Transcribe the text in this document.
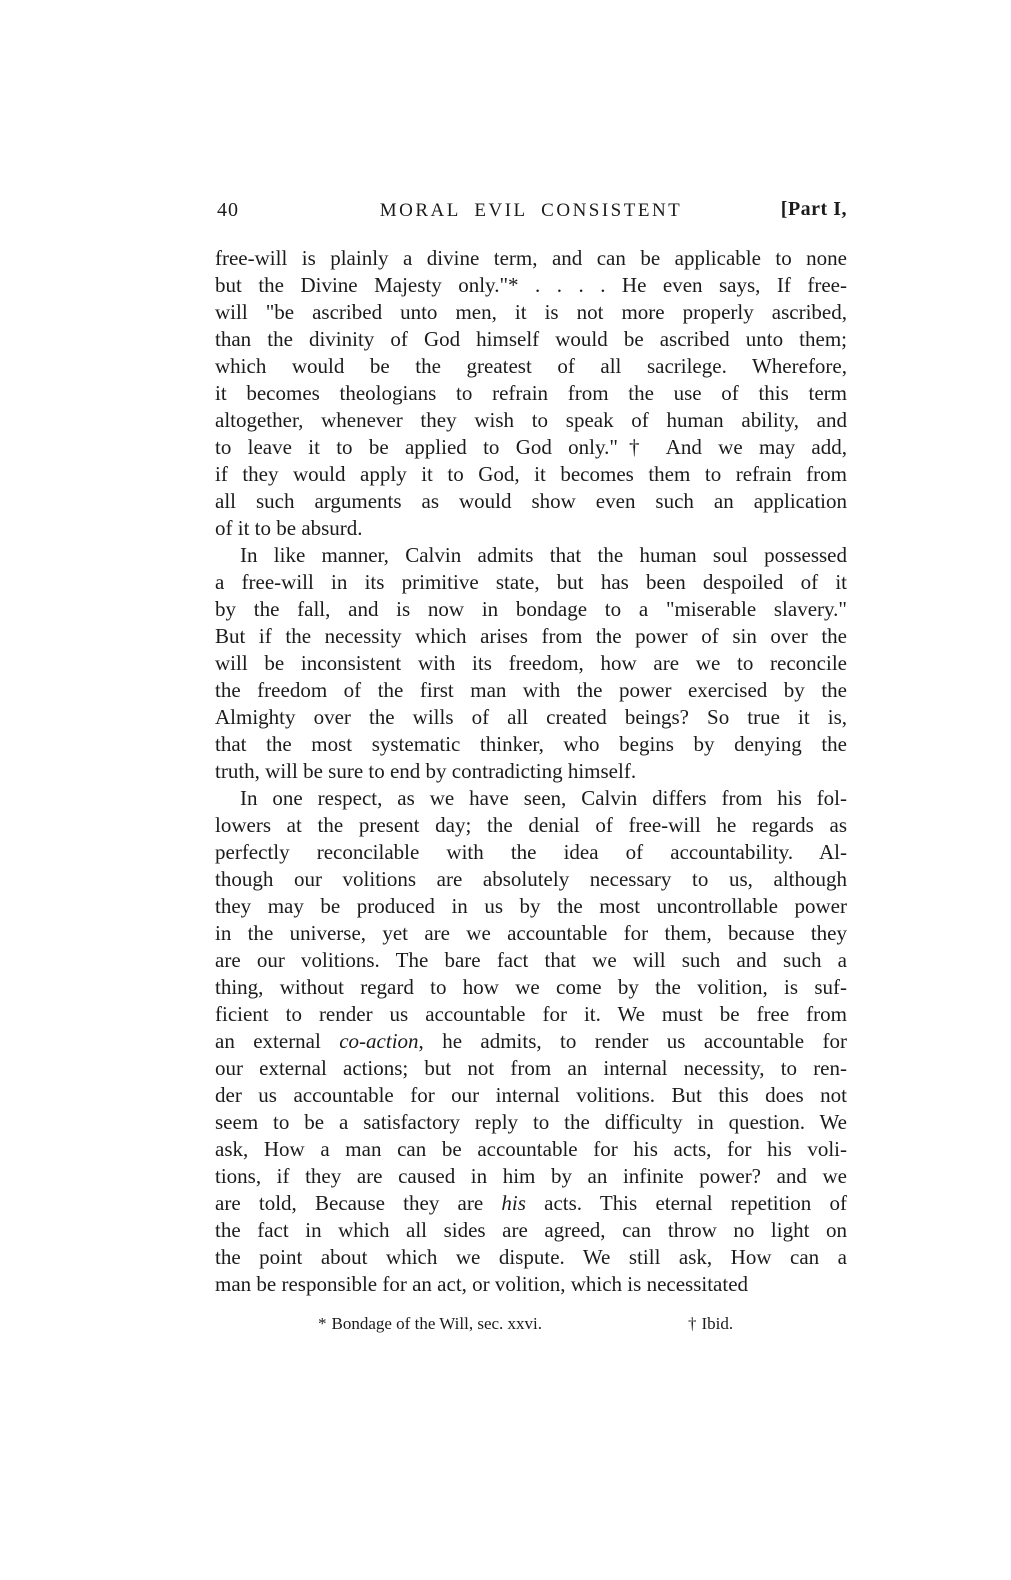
40	MORAL EVIL CONSISTENT	[Part I,
free-will is plainly a divine term, and can be applicable to none
but the Divine Majesty only."* . . . . He even says, If free-
will "be ascribed unto men, it is not more properly ascribed,
than the divinity of God himself would be ascribed unto them;
which would be the greatest of all sacrilege. Wherefore,
it becomes theologians to refrain from the use of this term
altogether, whenever they wish to speak of human ability, and
to leave it to be applied to God only."† And we may add,
if they would apply it to God, it becomes them to refrain from
all such arguments as would show even such an application
of it to be absurd.
In like manner, Calvin admits that the human soul possessed
a free-will in its primitive state, but has been despoiled of it
by the fall, and is now in bondage to a "miserable slavery."
But if the necessity which arises from the power of sin over the
will be inconsistent with its freedom, how are we to reconcile
the freedom of the first man with the power exercised by the
Almighty over the wills of all created beings? So true it is,
that the most systematic thinker, who begins by denying the
truth, will be sure to end by contradicting himself.
In one respect, as we have seen, Calvin differs from his fol-
lowers at the present day; the denial of free-will he regards as
perfectly reconcilable with the idea of accountability. Al-
though our volitions are absolutely necessary to us, although
they may be produced in us by the most uncontrollable power
in the universe, yet are we accountable for them, because they
are our volitions. The bare fact that we will such and such a
thing, without regard to how we come by the volition, is suf-
ficient to render us accountable for it. We must be free from
an external co-action, he admits, to render us accountable for
our external actions; but not from an internal necessity, to ren-
der us accountable for our internal volitions. But this does not
seem to be a satisfactory reply to the difficulty in question. We
ask, How a man can be accountable for his acts, for his voli-
tions, if they are caused in him by an infinite power? and we
are told, Because they are his acts. This eternal repetition of
the fact in which all sides are agreed, can throw no light on
the point about which we dispute. We still ask, How can a
man be responsible for an act, or volition, which is necessitated
* Bondage of the Will, sec. xxvi.	† Ibid.
